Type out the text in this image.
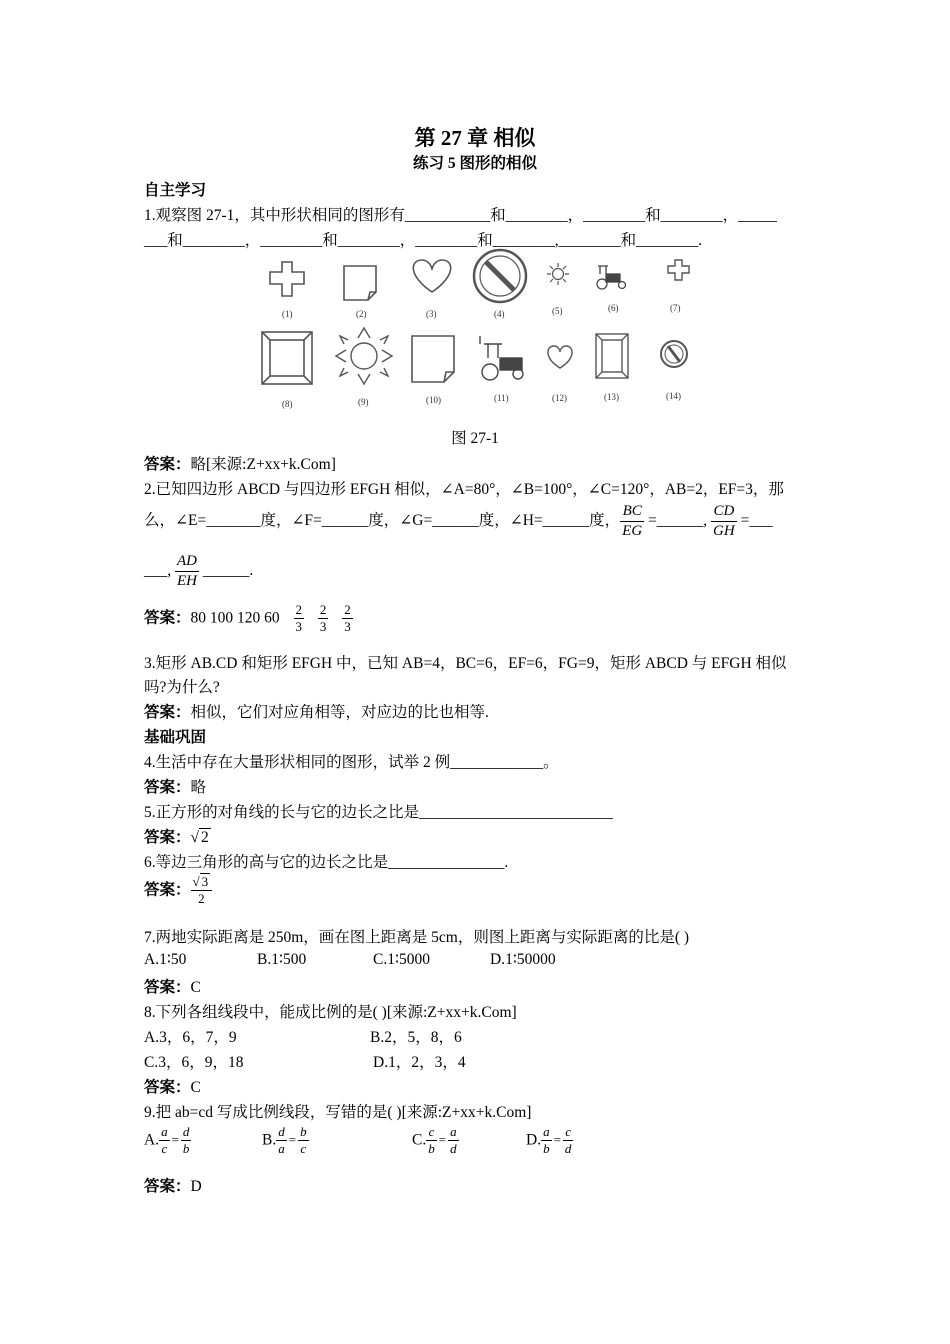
第 27 章 相似
练习 5 图形的相似
自主学习
1.观察图 27-1，其中形状相同的图形有___________和________，________和________，_____
___和________，________和________，________和________,________和________.
(1)	(2)	(3)	(4)	(5)	(6)	(7)
(8)	(9)	(10)	(11)	(12)	(13)	(14)
图 27-1
答案：略[来源:Z+xx+k.Com]
2.已知四边形 ABCD 与四边形 EFGH 相似，∠A=80°，∠B=100°，∠C=120°，AB=2，EF=3，那
么，∠E=_______度，∠F=______度，∠G=______度，∠H=______度， $\frac{BC}{EG}$ =______, $\frac{CD}{GH}$ =___
___, $\frac{AD}{EH}$ ______.
答案：80 100 120 $60 \frac{2}{3}$
$\frac{2}{3}$
$\frac{2}{3}$
3.矩形 AB.CD 和矩形 EFGH 中，已知 AB=4，BC=6，EF=6，FG=9，矩形 ABCD 与 EFGH 相似
吗?为什么?
答案：相似，它们对应角相等，对应边的比也相等.
基础巩固
4.生活中存在大量形状相同的图形，试举 2 例____________。
答案：略
5.正方形的对角线的长与它的边长之比是_________________________
答案：√ 2
6.等边三角形的高与它的边长之比是_______________.
答案： $\frac{√ 3}{2}$
7.两地实际距离是 250m，画在图上距离是 5cm，则图上距离与实际距离的比是( )
A.1∶50	B.1∶500	C.1∶5000	D.1∶50000
答案：C
8.下列各组线段中，能成比例的是( )[来源:Z+xx+k.Com]
A.3，6，7，9	B.2，5，8，6
C.3，6，9，18	D.1，2，3，4
答案：C
9.把 ab=cd 写成比例线段，写错的是( )[来源:Z+xx+k.Com]
A. $\frac{a}{c} = \frac{d}{b}$	B. $\frac{d}{a} = \frac{b}{c}$	C. $\frac{c}{b} = \frac{a}{d}$	D. $\frac{a}{b} = \frac{c}{d}$
答案：D
